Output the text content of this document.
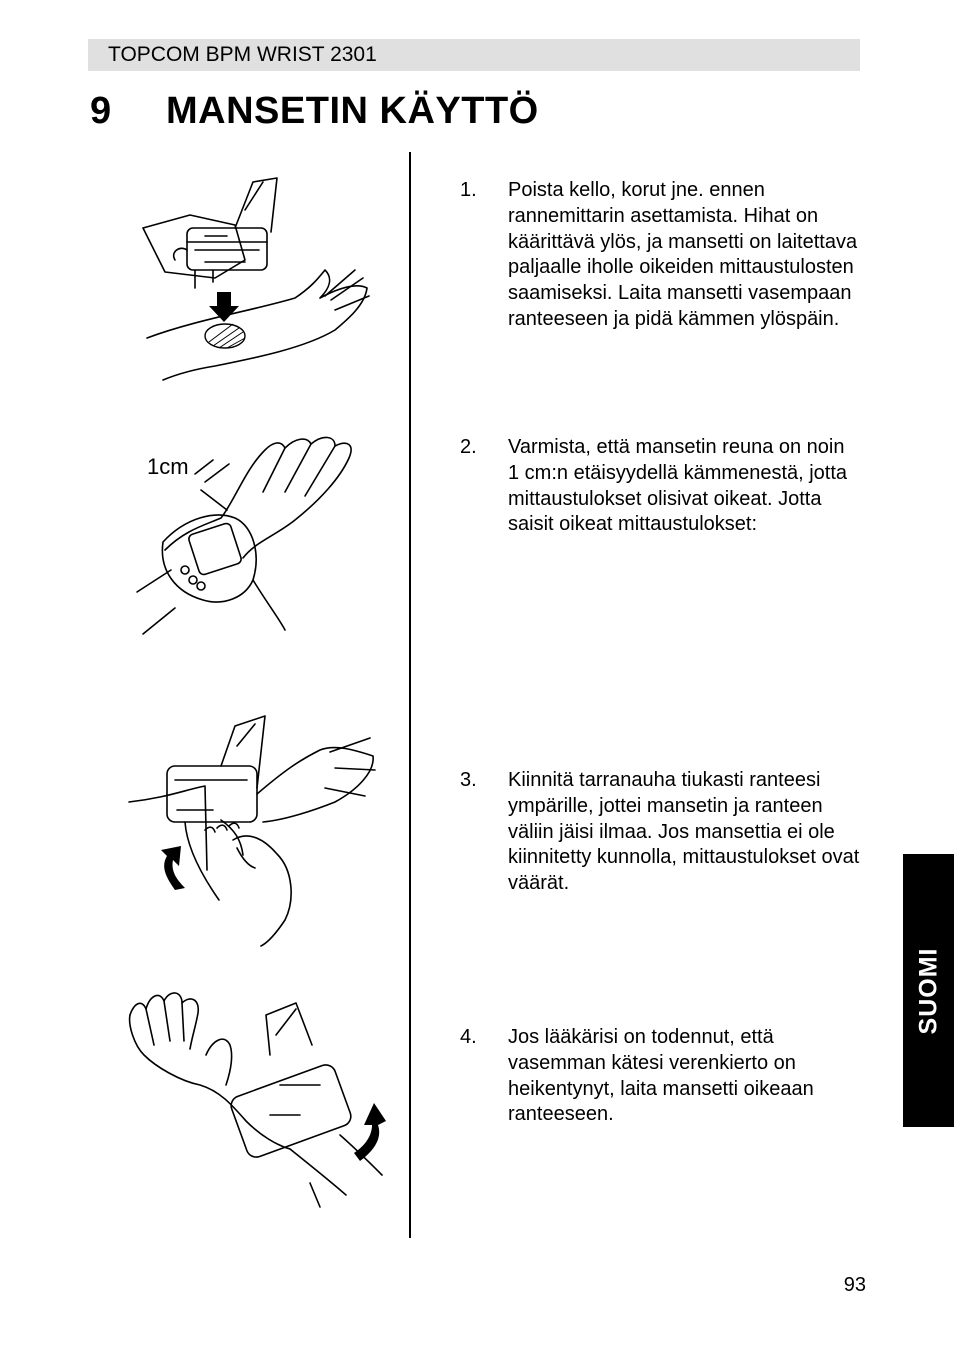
TOPCOM BPM WRIST 2301
9 MANSETIN KÄYTTÖ
1cm
1. Poista kello, korut jne. ennen rannemittarin asettamista. Hihat on käärittävä ylös, ja mansetti on laitettava paljaalle iholle oikeiden mittaustulosten saamiseksi. Laita mansetti vasempaan ranteeseen ja pidä kämmen ylöspäin.
2. Varmista, että mansetin reuna on noin 1 cm:n etäisyydellä kämmenestä, jotta mittaustulokset olisivat oikeat. Jotta saisit oikeat mittaustulokset:
3. Kiinnitä tarranauha tiukasti ranteesi ympärille, jottei mansetin ja ranteen väliin jäisi ilmaa. Jos mansettia ei ole kiinnitetty kunnolla, mittaustulokset ovat väärät.
4. Jos lääkärisi on todennut, että vasemman kätesi verenkierto on heikentynyt, laita mansetti oikeaan ranteeseen.
SUOMI
93
